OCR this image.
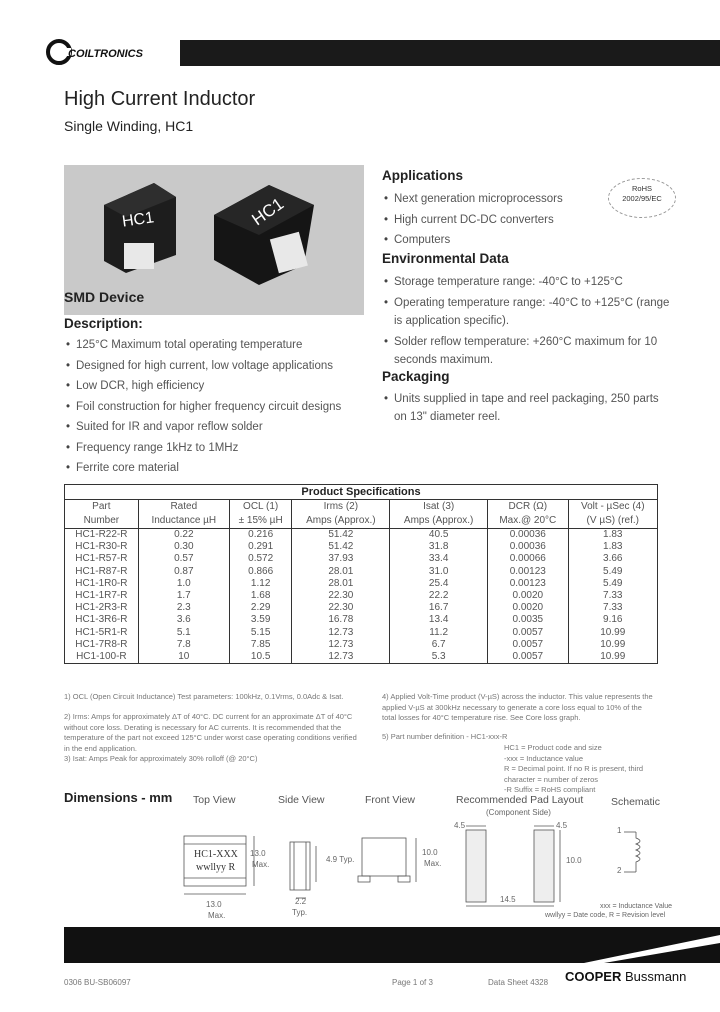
COILTRONICS
High Current Inductor
Single Winding, HC1
HC1	HC1
SMD Device
Description:
• 125°C Maximum total operating temperature
• Designed for high current, low voltage applications
• Low DCR, high efficiency
• Foil construction for higher frequency circuit designs
• Suited for IR and vapor reflow solder
• Frequency range 1kHz to 1MHz
• Ferrite core material
Applications
• Next generation microprocessors
• High current DC-DC converters
• Computers
RoHS
2002/95/EC
Environmental Data
• Storage temperature range: -40°C to +125°C
• Operating temperature range: -40°C to +125°C (range is application specific).
• Solder reflow temperature: +260°C maximum for 10 seconds maximum.
Packaging
• Units supplied in tape and reel packaging, 250 parts on 13" diameter reel.
Product Specifications
Part	Rated	OCL (1)	Irms (2)	Isat (3)	DCR (Ω)	Volt - µSec (4)
Number	Inductance µH	± 15% µH	Amps (Approx.)	Amps (Approx.)	Max.@ 20°C	(V µS) (ref.)
HC1-R22-R	0.22	0.216	51.42	40.5	0.00036	1.83
HC1-R30-R	0.30	0.291	51.42	31.8	0.00036	1.83
HC1-R57-R	0.57	0.572	37.93	33.4	0.00066	3.66
HC1-R87-R	0.87	0.866	28.01	31.0	0.00123	5.49
HC1-1R0-R	1.0	1.12	28.01	25.4	0.00123	5.49
HC1-1R7-R	1.7	1.68	22.30	22.2	0.0020	7.33
HC1-2R3-R	2.3	2.29	22.30	16.7	0.0020	7.33
HC1-3R6-R	3.6	3.59	16.78	13.4	0.0035	9.16
HC1-5R1-R	5.1	5.15	12.73	11.2	0.0057	10.99
HC1-7R8-R	7.8	7.85	12.73	6.7	0.0057	10.99
HC1-100-R	10	10.5	12.73	5.3	0.0057	10.99
1) OCL (Open Circuit Inductance) Test parameters: 100kHz, 0.1Vrms, 0.0Adc & Isat.
2) Irms: Amps for approximately ΔT of 40°C. DC current for an approximate ΔT of 40°C without core loss. Derating is necessary for AC currents. It is recommended that the temperature of the part not exceed 125°C under worst case operating conditions verified in the end application.
3) Isat: Amps Peak for approximately 30% rolloff (@ 20°C)
4) Applied Volt-Time product (V-µS) across the inductor. This value represents the applied V-µS at 300kHz necessary to generate a core loss equal to 10% of the total losses for 40°C temperature rise. See Core loss graph.
5) Part number definition - HC1-xxx-R
HC1 = Product code and size
-xxx = Inductance value
R = Decimal point. If no R is present, third character = number of zeros
-R Suffix = RoHS compliant
Dimensions - mm Top View	Side View	Front View	Recommended Pad Layout	Schematic
(Component Side)
HC1-XXX
wwllyy R
13.0
Max.
13.0
Max.
4.9 Typ.
2.2
Typ.
10.0
Max.
4.5	4.5
10.0
14.5
1
2
xxx = Inductance Value
wwllyy = Date code, R = Revision level
0306 BU-SB06097	Page 1 of 3	Data Sheet 4328 COOPER Bussmann
